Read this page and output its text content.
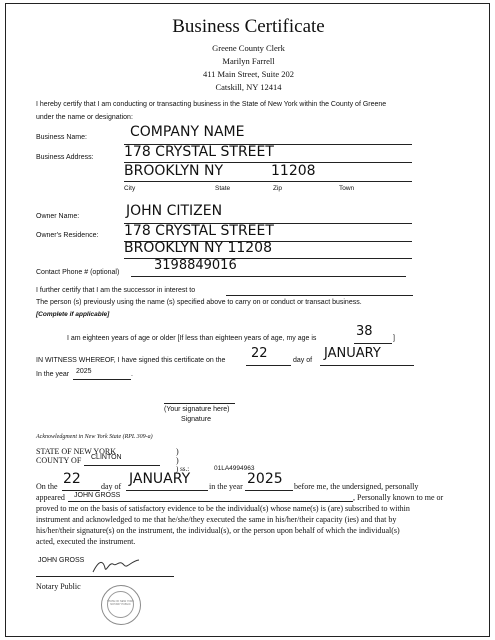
Business Certificate
Greene County Clerk
Marilyn Farrell
411 Main Street, Suite 202
Catskill, NY 12414
I hereby certify that I am conducting or transacting business in the State of New York within the County of Greene
under the name or designation:
Business Name:	COMPANY NAME
Business Address: 178 CRYSTAL STREET
BROOKLYN NY	11208
City	State	Zip	Town
Owner Name:	JOHN CITIZEN
Owner's Residence: 178 CRYSTAL STREET
BROOKLYN NY 11208
Contact Phone # (optional)	3198849016
I further certify that I am the successor in interest to
The person (s) previously using the name (s) specified above to carry on or conduct or transact business.
[Complete if applicable]
I am eighteen years of age or older [If less than eighteen years of age, my age is	38	]
IN WITNESS WHEREOF, I have signed this certificate on the 22	day of JANUARY
In the year 2025	.
(Your signature here)
Signature
Acknowledgment in New York State (RPL 309-a)
STATE OF NEW YORK	)
COUNTY OF CLINTON	)
) ss.:	01LA4994963
On the 22	day of JANUARY in the year 2025 before me, the undersigned, personally
appeared JOHN GROSS	, Personally known to me or
proved to me on the basis of satisfactory evidence to be the individual(s) whose name(s) is (are) subscribed to within
instrument and acknowledged to me that he/she/they executed the same in his/her/their capacity (ies) and that by
his/her/their signature(s) on the instrument, the individual(s), or the person upon behalf of which the individual(s)
acted, executed the instrument.
JOHN GROSS
Notary Public
STATE OF NEW YORK NOTARY PUBLIC
